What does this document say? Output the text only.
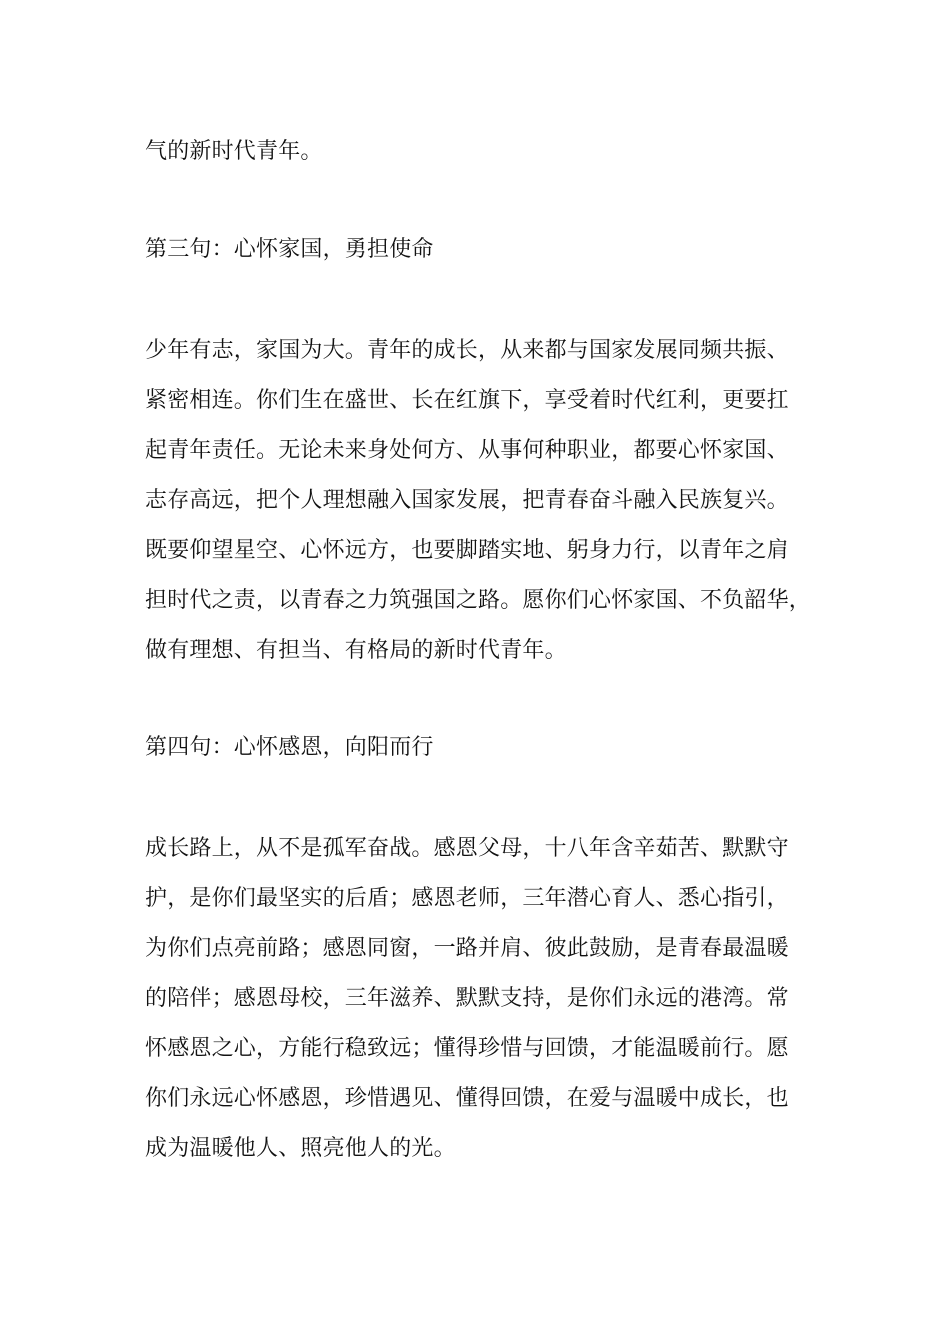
气的新时代青年。
第三句：心怀家国，勇担使命
少年有志，家国为大。青年的成长，从来都与国家发展同频共振、
紧密相连。你们生在盛世、长在红旗下，享受着时代红利，更要扛
起青年责任。无论未来身处何方、从事何种职业，都要心怀家国、
志存高远，把个人理想融入国家发展，把青春奋斗融入民族复兴。
既要仰望星空、心怀远方，也要脚踏实地、躬身力行，以青年之肩
担时代之责，以青春之力筑强国之路。愿你们心怀家国、不负韶华，
做有理想、有担当、有格局的新时代青年。
第四句：心怀感恩，向阳而行
成长路上，从不是孤军奋战。感恩父母，十八年含辛茹苦、默默守
护，是你们最坚实的后盾；感恩老师，三年潜心育人、悉心指引，
为你们点亮前路；感恩同窗，一路并肩、彼此鼓励，是青春最温暖
的陪伴；感恩母校，三年滋养、默默支持，是你们永远的港湾。常
怀感恩之心，方能行稳致远；懂得珍惜与回馈，才能温暖前行。愿
你们永远心怀感恩，珍惜遇见、懂得回馈，在爱与温暖中成长，也
成为温暖他人、照亮他人的光。
